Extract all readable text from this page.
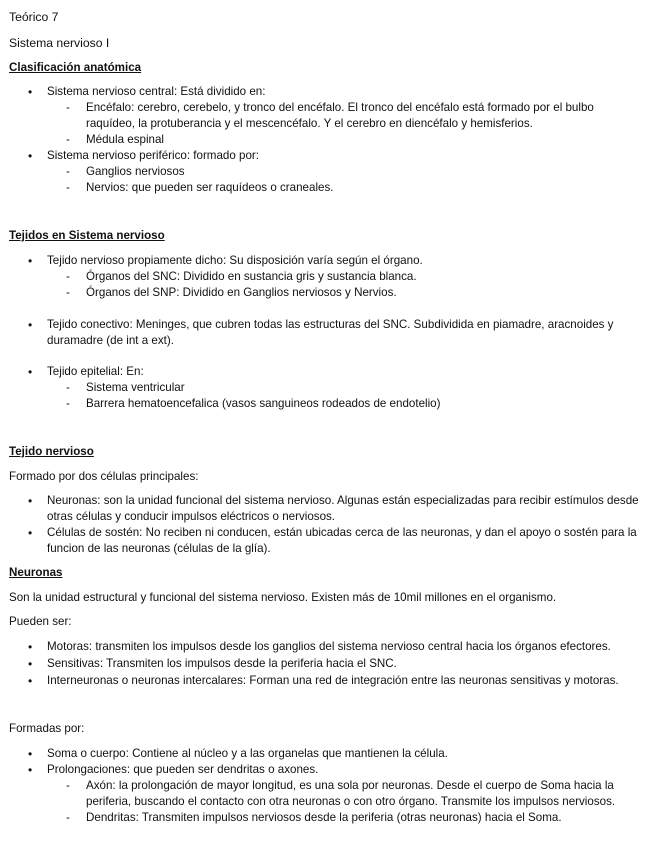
Teórico 7
Sistema nervioso I
Clasificación anatómica
• Sistema nervioso central: Está dividido en:
- Encéfalo: cerebro, cerebelo, y tronco del encéfalo. El tronco del encéfalo está formado por el bulbo raquídeo, la protuberancia y el mescencéfalo. Y el cerebro en diencéfalo y hemisferios.
- Médula espinal
• Sistema nervioso periférico: formado por:
- Ganglios nerviosos
- Nervios: que pueden ser raquídeos o craneales.
Tejidos en Sistema nervioso
• Tejido nervioso propiamente dicho: Su disposición varía según el órgano.
- Órganos del SNC: Dividido en sustancia gris y sustancia blanca.
- Órganos del SNP: Dividido en Ganglios nerviosos y Nervios.
• Tejido conectivo: Meninges, que cubren todas las estructuras del SNC. Subdividida en piamadre, aracnoides y duramadre (de int a ext).
• Tejido epitelial: En:
- Sistema ventricular
- Barrera hematoencefalica (vasos sanguineos rodeados de endotelio)
Tejido nervioso
Formado por dos células principales:
• Neuronas: son la unidad funcional del sistema nervioso. Algunas están especializadas para recibir estímulos desde otras células y conducir impulsos eléctricos o nerviosos.
• Células de sostén: No reciben ni conducen, están ubicadas cerca de las neuronas, y dan el apoyo o sostén para la funcion de las neuronas (células de la glía).
Neuronas
Son la unidad estructural y funcional del sistema nervioso. Existen más de 10mil millones en el organismo.
Pueden ser:
• Motoras: transmiten los impulsos desde los ganglios del sistema nervioso central hacia los órganos efectores.
• Sensitivas: Transmiten los impulsos desde la periferia hacia el SNC.
• Interneuronas o neuronas intercalares: Forman una red de integración entre las neuronas sensitivas y motoras.
Formadas por:
• Soma o cuerpo: Contiene al núcleo y a las organelas que mantienen la célula.
• Prolongaciones: que pueden ser dendritas o axones.
- Axón: la prolongación de mayor longitud, es una sola por neuronas. Desde el cuerpo de Soma hacia la periferia, buscando el contacto con otra neuronas o con otro órgano. Transmite los impulsos nerviosos.
- Dendritas: Transmiten impulsos nerviosos desde la periferia (otras neuronas) hacia el Soma.
